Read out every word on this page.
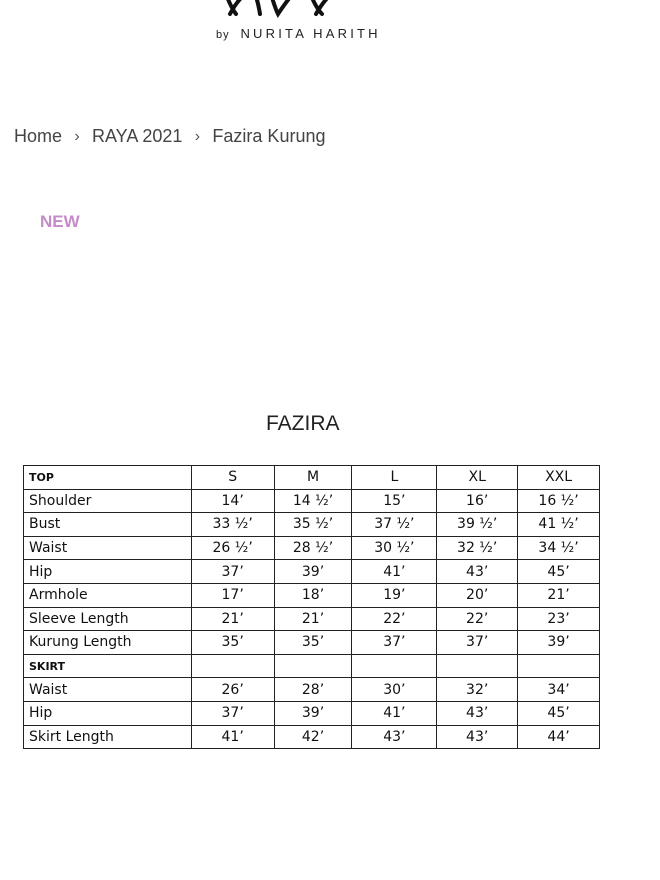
by NURITA HARITH
Home › RAYA 2021 › Fazira Kurung
NEW
FAZIRA
TOP	S	M	L	XL	XXL
Shoulder	14’	14 ½’	15’	16’	16 ½’
Bust	33 ½’	35 ½’	37 ½’	39 ½’	41 ½’
Waist	26 ½’	28 ½’	30 ½’	32 ½’	34 ½’
Hip	37’	39’	41’	43’	45’
Armhole	17’	18’	19’	20’	21’
Sleeve Length	21’	21’	22’	22’	23’
Kurung Length	35’	35’	37’	37’	39’
SKIRT					
Waist	26’	28’	30’	32’	34’
Hip	37’	39’	41’	43’	45’
Skirt Length	41’	42’	43’	43’	44’
